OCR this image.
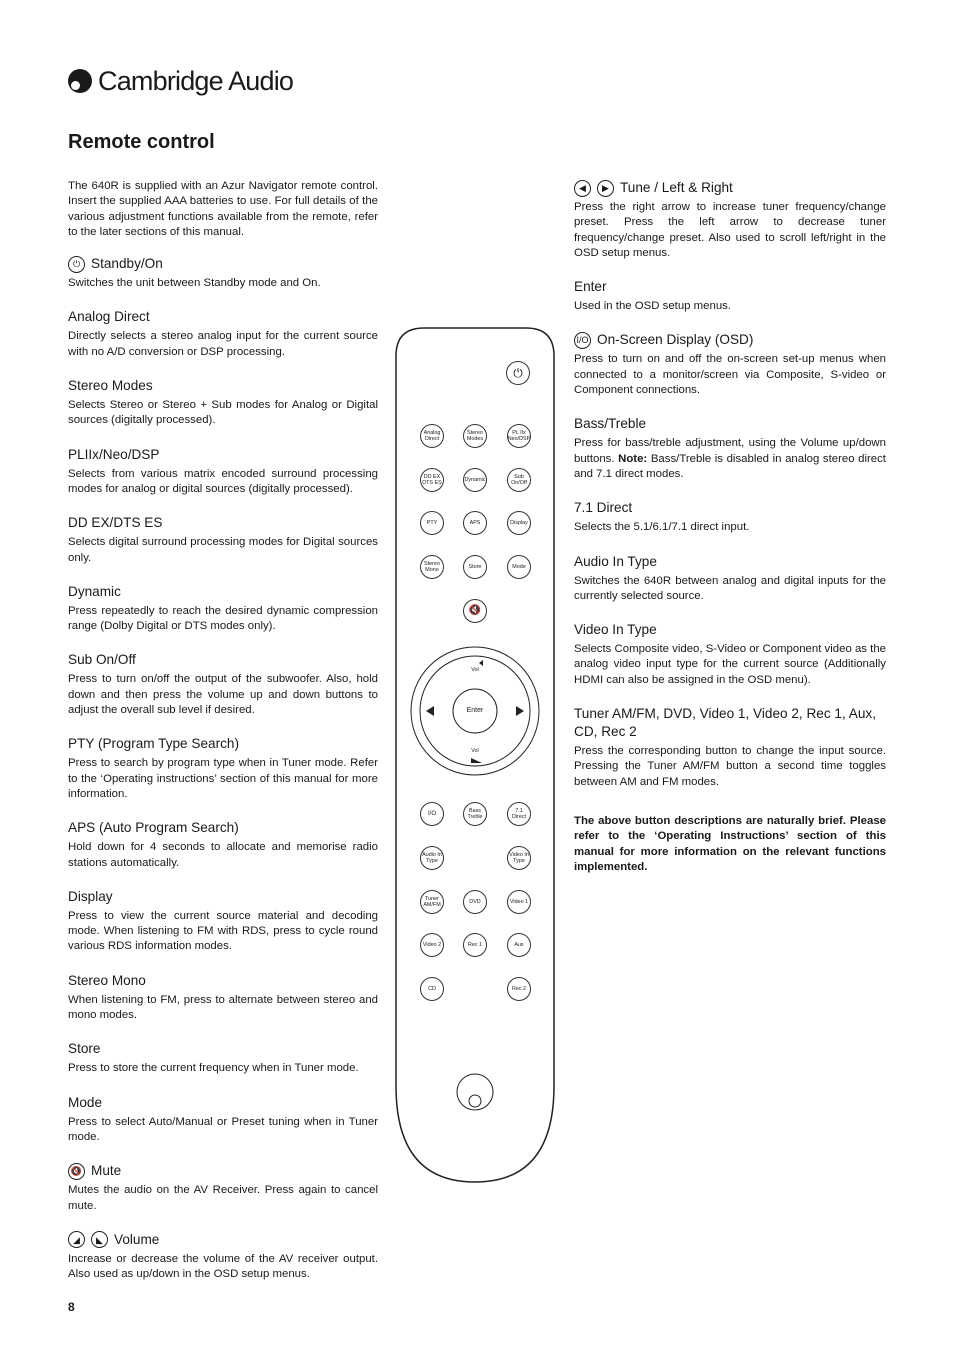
Cambridge Audio
Remote control

The 640R is supplied with an Azur Navigator remote control. Insert the supplied AAA batteries to use. For full details of the various adjustment functions available from the remote, refer to the later sections of this manual.

⏻ Standby/On

Switches the unit between Standby mode and On.

Analog Direct

Directly selects a stereo analog input for the current source with no A/D conversion or DSP processing.

Stereo Modes

Selects Stereo or Stereo + Sub modes for Analog or Digital sources (digitally processed).

PLIIx/Neo/DSP

Selects from various matrix encoded surround processing modes for analog or digital sources (digitally processed).

DD EX/DTS ES

Selects digital surround processing modes for Digital sources only.

Dynamic

Press repeatedly to reach the desired dynamic compression range (Dolby Digital or DTS modes only).

Sub On/Off

Press to turn on/off the output of the subwoofer. Also, hold down and then press the volume up and down buttons to adjust the overall sub level if desired.

PTY (Program Type Search)

Press to search by program type when in Tuner mode. Refer to the ‘Operating instructions’ section of this manual for more information.

APS (Auto Program Search)

Hold down for 4 seconds to allocate and memorise radio stations automatically.

Display

Press to view the current source material and decoding mode. When listening to FM with RDS, press to cycle round various RDS information modes.

Stereo Mono

When listening to FM, press to alternate between stereo and mono modes.

Store

Press to store the current frequency when in Tuner mode.

Mode

Press to select Auto/Manual or Preset tuning when in Tuner mode.

🔇 Mute

Mutes the audio on the AV Receiver. Press again to cancel mute.

◢	◣ Volume

Increase or decrease the volume of the AV receiver output. Also used as up/down in the OSD setup menus.

◀	▶ Tune / Left & Right

Press the right arrow to increase tuner frequency/change preset. Press the left arrow to decrease tuner frequency/change preset. Also used to scroll left/right in the OSD setup menus.

Enter

Used in the OSD setup menus.

I/O On-Screen Display (OSD)

Press to turn on and off the on-screen set-up menus when connected to a monitor/screen via Composite, S-video or Component connections.

Bass/Treble

Press for bass/treble adjustment, using the Volume up/down buttons. Note: Bass/Treble is disabled in analog stereo direct and 7.1 direct modes.

7.1 Direct

Selects the 5.1/6.1/7.1 direct input.

Audio In Type

Switches the 640R between analog and digital inputs for the currently selected source.

Video In Type

Selects Composite video, S-Video or Component video as the analog video input type for the current source (Additionally HDMI can also be assigned in the OSD menu).

Tuner AM/FM, DVD, Video 1, Video 2, Rec 1, Aux, CD, Rec 2

Press the corresponding button to change the input source. Pressing the Tuner AM/FM button a second time toggles between AM and FM modes.

The above button descriptions are naturally brief. Please refer to the ‘Operating Instructions’ section of this manual for more information on the relevant functions implemented.

⏻
Analog Direct
Stereo Modes
PL IIx Neo/DSP
DD EX DTS ES	Dynamic	Sub On/Off
PTY	APS	Display
Stereo Mono	Store	Mode
🔇
Vol
Enter
Vol
I/O	Bass Treble
7.1 Direct
Audio In Type
Video In Type
Tuner AM/FM	DVD	Video 1
Video 2	Rec 1	Aux
CD	Rec 2
8
